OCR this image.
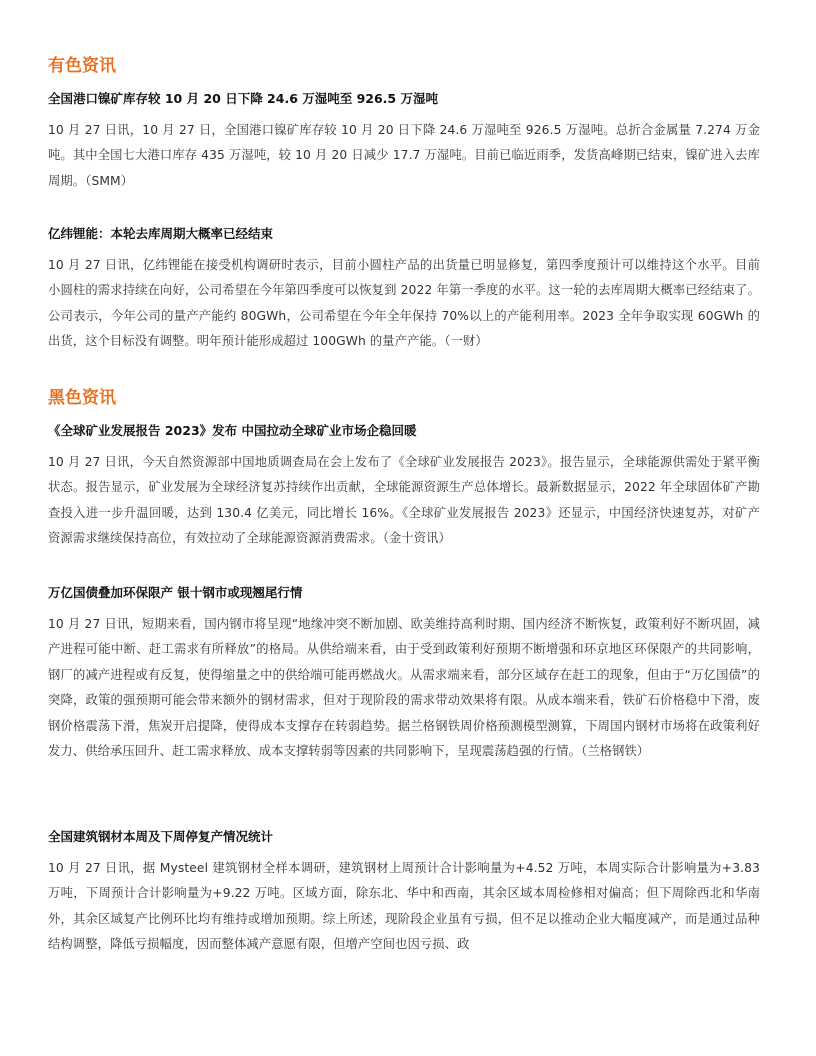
有色资讯
全国港口镍矿库存较 10 月 20 日下降 24.6 万湿吨至 926.5 万湿吨

10 月 27 日讯，10 月 27 日，全国港口镍矿库存较 10 月 20 日下降 24.6 万湿吨至 926.5 万湿吨。总折合金属量 7.274 万金吨。其中全国七大港口库存 435 万湿吨，较 10 月 20 日减少 17.7 万湿吨。目前已临近雨季，发货高峰期已结束，镍矿进入去库周期。（SMM）

亿纬锂能：本轮去库周期大概率已经结束

10 月 27 日讯，亿纬锂能在接受机构调研时表示，目前小圆柱产品的出货量已明显修复，第四季度预计可以维持这个水平。目前小圆柱的需求持续在向好，公司希望在今年第四季度可以恢复到 2022 年第一季度的水平。这一轮的去库周期大概率已经结束了。公司表示，今年公司的量产产能约 80GWh，公司希望在今年全年保持 70%以上的产能利用率。2023 全年争取实现 60GWh 的出货，这个目标没有调整。明年预计能形成超过 100GWh 的量产产能。（一财）

黑色资讯
《全球矿业发展报告 2023》发布 中国拉动全球矿业市场企稳回暖

10 月 27 日讯，今天自然资源部中国地质调查局在会上发布了《全球矿业发展报告 2023》。报告显示，全球能源供需处于紧平衡状态。报告显示，矿业发展为全球经济复苏持续作出贡献，全球能源资源生产总体增长。最新数据显示，2022 年全球固体矿产勘查投入进一步升温回暖，达到 130.4 亿美元，同比增长 16%。《全球矿业发展报告 2023》还显示，中国经济快速复苏，对矿产资源需求继续保持高位，有效拉动了全球能源资源消费需求。（金十资讯）

万亿国债叠加环保限产 银十钢市或现翘尾行情

10 月 27 日讯，短期来看，国内钢市将呈现“地缘冲突不断加剧、欧美维持高利时期、国内经济不断恢复，政策利好不断巩固，减产进程可能中断、赶工需求有所释放”的格局。从供给端来看，由于受到政策利好预期不断增强和环京地区环保限产的共同影响，钢厂的减产进程或有反复，使得缩量之中的供给端可能再燃战火。从需求端来看，部分区域存在赶工的现象，但由于“万亿国债”的突降，政策的强预期可能会带来额外的钢材需求，但对于现阶段的需求带动效果将有限。从成本端来看，铁矿石价格稳中下滑，废钢价格震荡下滑，焦炭开启提降，使得成本支撑存在转弱趋势。据兰格钢铁周价格预测模型测算，下周国内钢材市场将在政策利好发力、供给承压回升、赶工需求释放、成本支撑转弱等因素的共同影响下，呈现震荡趋强的行情。（兰格钢铁）

全国建筑钢材本周及下周停复产情况统计

10 月 27 日讯，据 Mysteel 建筑钢材全样本调研，建筑钢材上周预计合计影响量为+4.52 万吨，本周实际合计影响量为+3.83 万吨，下周预计合计影响量为+9.22 万吨。区域方面，除东北、华中和西南，其余区域本周检修相对偏高；但下周除西北和华南外，其余区域复产比例环比均有维持或增加预期。综上所述，现阶段企业虽有亏损，但不足以推动企业大幅度减产，而是通过品种结构调整，降低亏损幅度，因而整体减产意愿有限，但增产空间也因亏损、政
